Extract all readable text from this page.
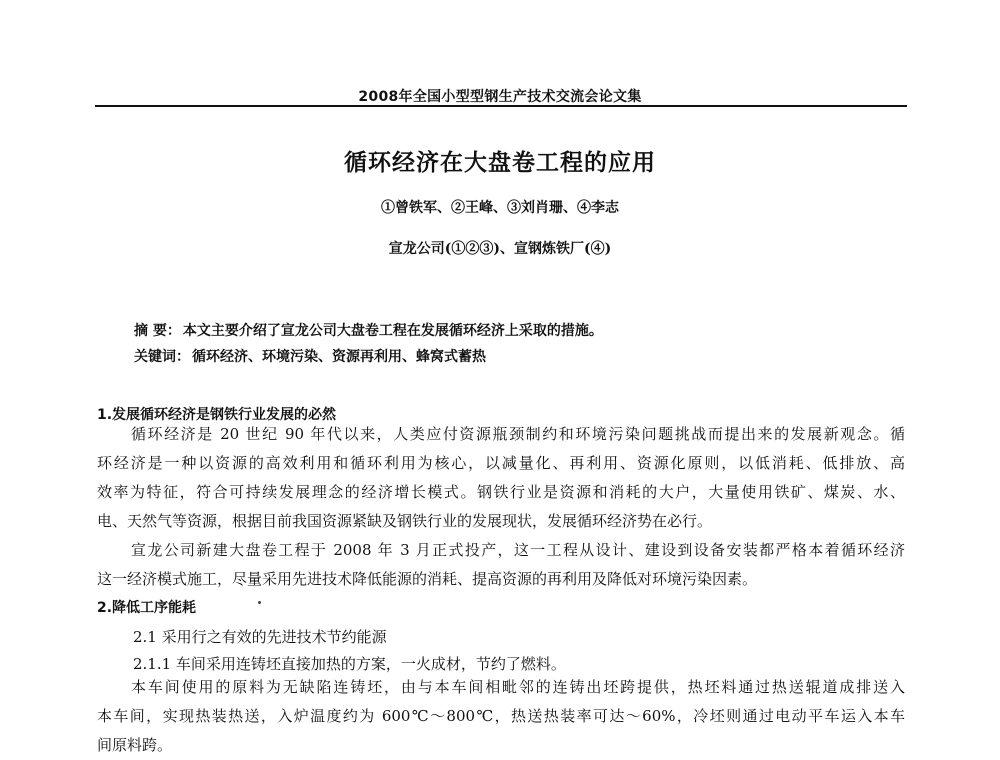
2008年全国小型型钢生产技术交流会论文集
循环经济在大盘卷工程的应用
①曾铁军、②王峰、③刘肖珊、④李志
宣龙公司(①②③)、宣钢炼铁厂(④)
摘 要： 本文主要介绍了宣龙公司大盘卷工程在发展循环经济上采取的措施。
关键词： 循环经济、环境污染、资源再利用、蜂窝式蓄热
1.发展循环经济是钢铁行业发展的必然
循环经济是 20 世纪 90 年代以来，人类应付资源瓶颈制约和环境污染问题挑战而提出来的发展新观念。循
环经济是一种以资源的高效利用和循环利用为核心，以减量化、再利用、资源化原则，以低消耗、低排放、高
效率为特征，符合可持续发展理念的经济增长模式。钢铁行业是资源和消耗的大户，大量使用铁矿、煤炭、水、
电、天然气等资源，根据目前我国资源紧缺及钢铁行业的发展现状，发展循环经济势在必行。
宣龙公司新建大盘卷工程于 2008 年 3 月正式投产，这一工程从设计、建设到设备安装都严格本着循环经济
这一经济模式施工，尽量采用先进技术降低能源的消耗、提高资源的再利用及降低对环境污染因素。
2.降低工序能耗
2.1 采用行之有效的先进技术节约能源
2.1.1 车间采用连铸坯直接加热的方案，一火成材，节约了燃料。
本车间使用的原料为无缺陷连铸坯，由与本车间相毗邻的连铸出坯跨提供，热坯料通过热送辊道成排送入
本车间，实现热装热送，入炉温度约为 600℃～800℃，热送热装率可达～60%，冷坯则通过电动平车运入本车
间原料跨。
